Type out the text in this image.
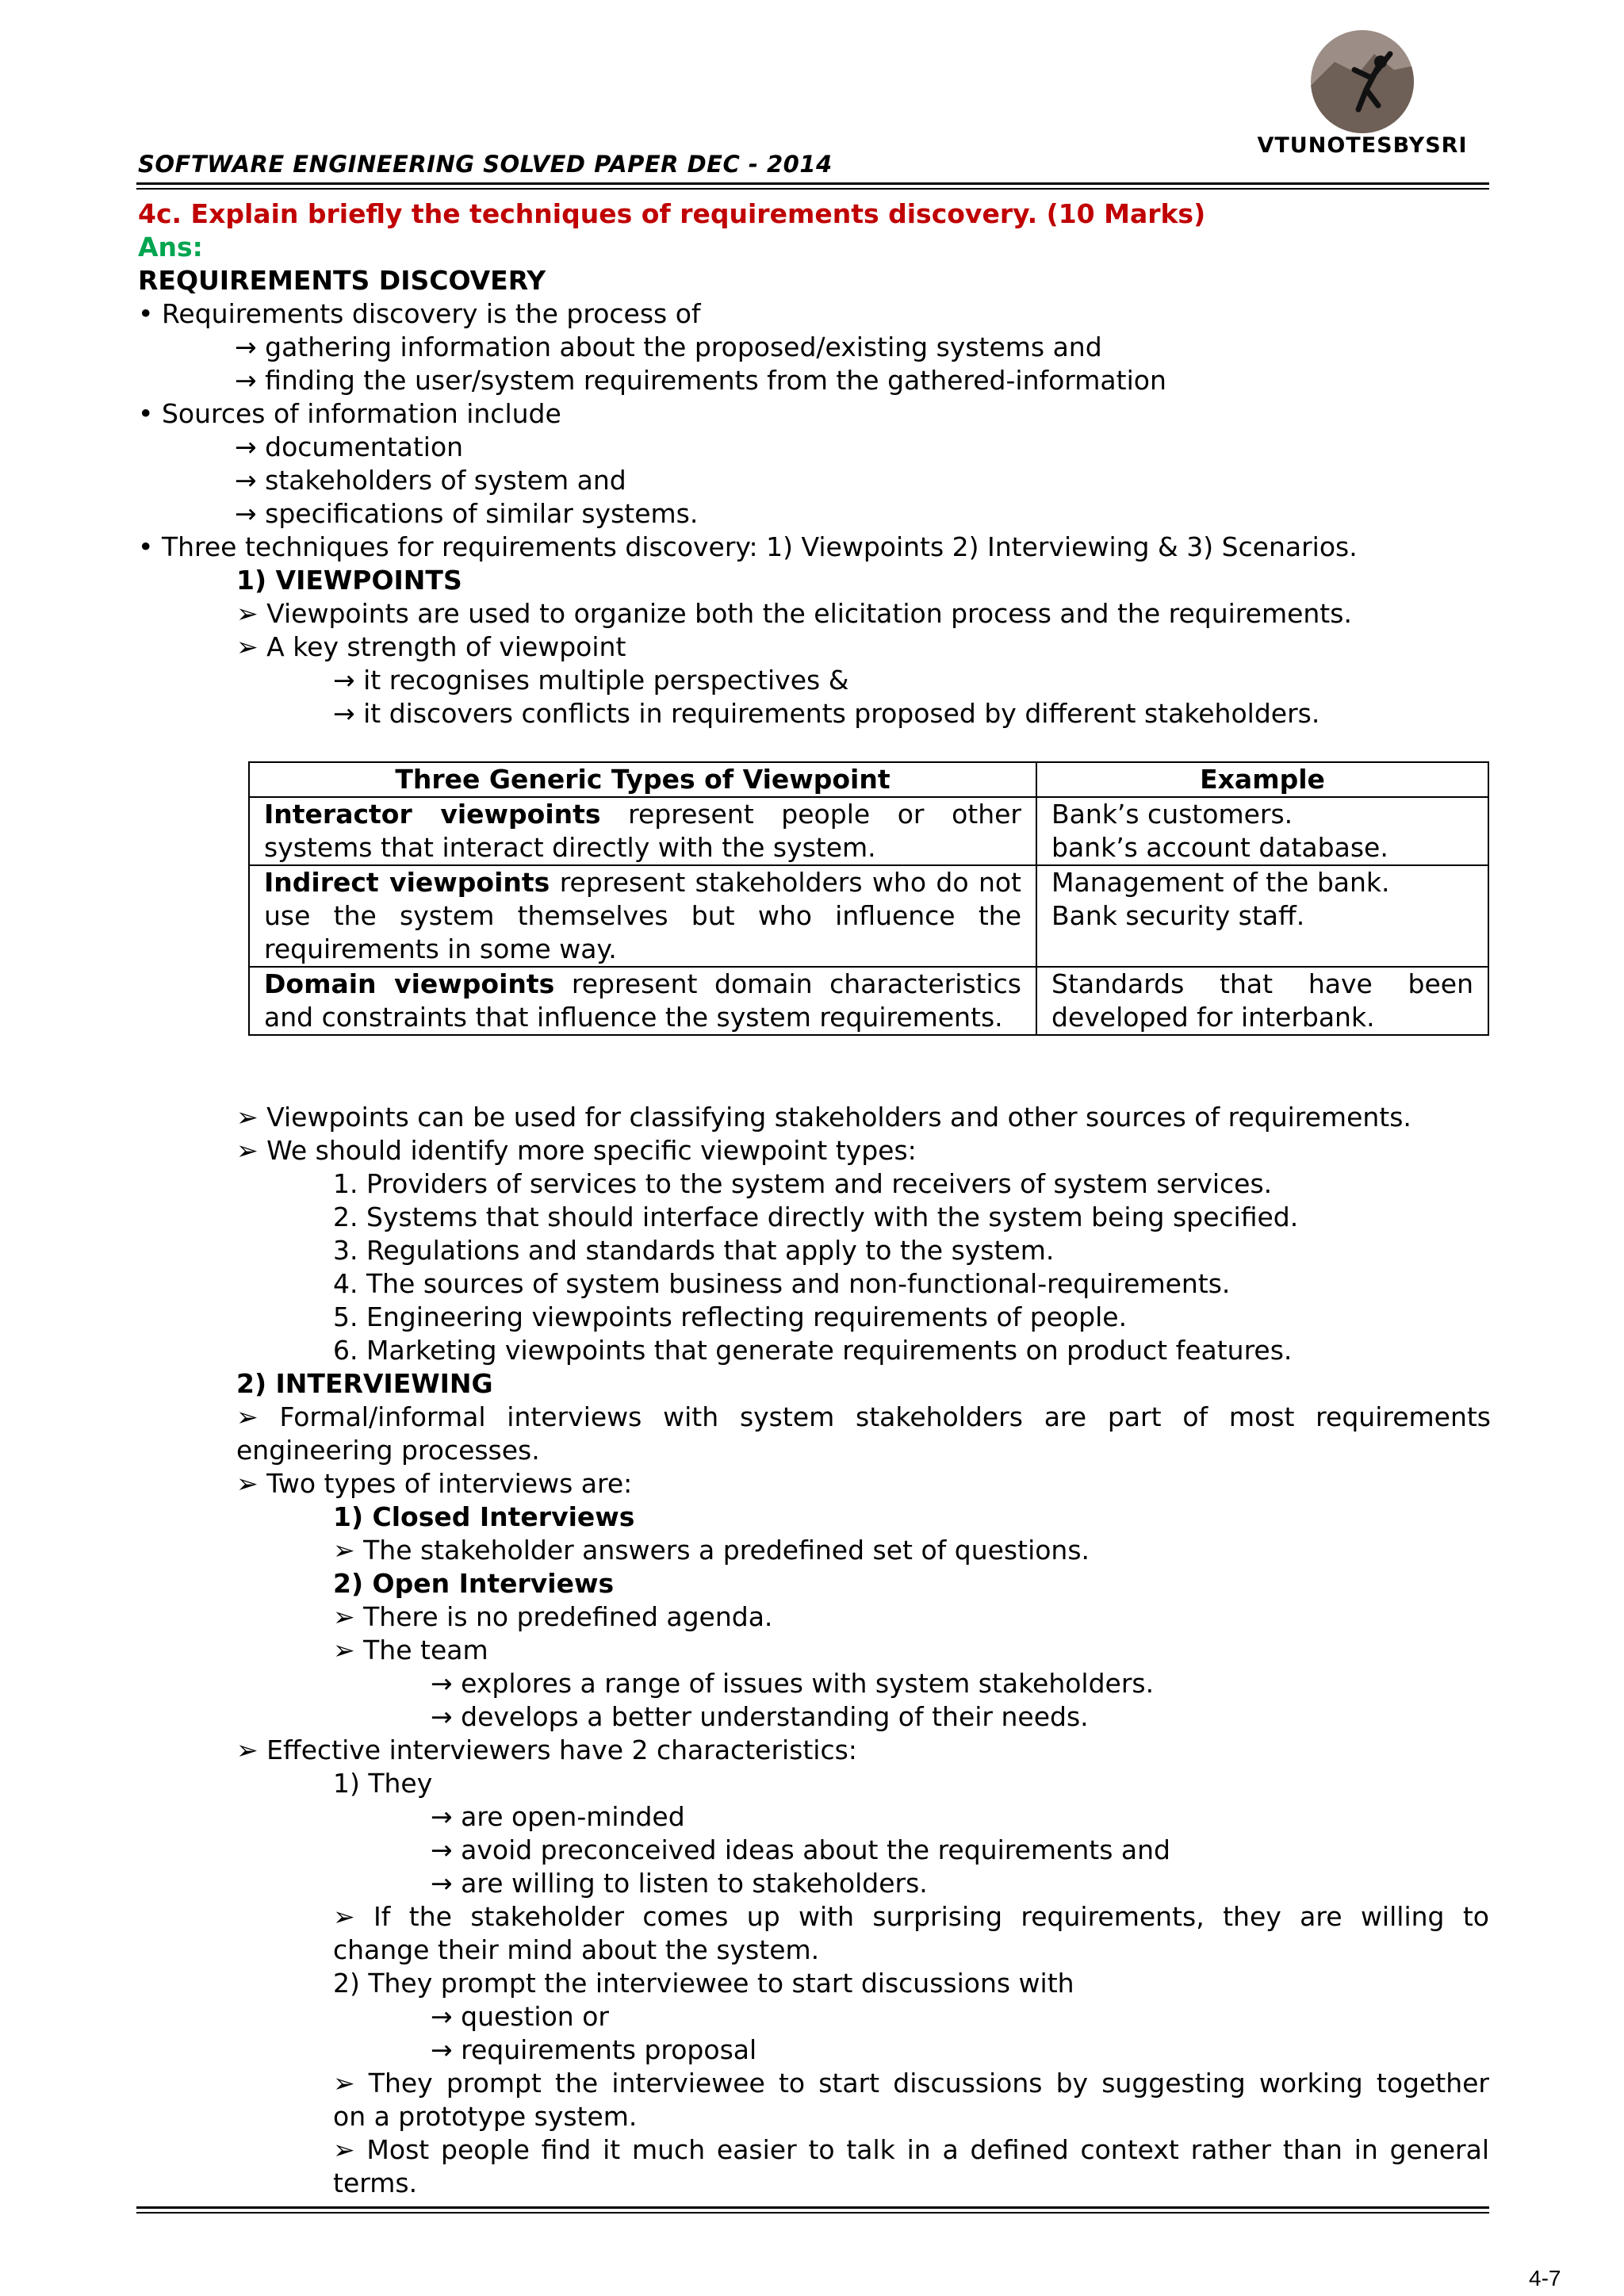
VTUNOTESBYSRI
SOFTWARE ENGINEERING SOLVED PAPER DEC - 2014
4c. Explain briefly the techniques of requirements discovery. (10 Marks)
Ans:
REQUIREMENTS DISCOVERY
• Requirements discovery is the process of
→ gathering information about the proposed/existing systems and
→ finding the user/system requirements from the gathered-information
• Sources of information include
→ documentation
→ stakeholders of system and
→ specifications of similar systems.
• Three techniques for requirements discovery: 1) Viewpoints 2) Interviewing & 3) Scenarios.
1) VIEWPOINTS
➢ Viewpoints are used to organize both the elicitation process and the requirements.
➢ A key strength of viewpoint
→ it recognises multiple perspectives &
→ it discovers conflicts in requirements proposed by different stakeholders.
Three Generic Types of Viewpoint	Example
Interactor viewpoints represent people or other systems that interact directly with the system.	Bank’s customers.
bank’s account database.

Indirect viewpoints represent stakeholders who do not use the system themselves but who influence the requirements in some way.	Management of the bank.
Bank security staff.

Domain viewpoints represent domain characteristics and constraints that influence the system requirements.	Standards that have been developed for interbank.
➢ Viewpoints can be used for classifying stakeholders and other sources of requirements.
➢ We should identify more specific viewpoint types:
1. Providers of services to the system and receivers of system services.
2. Systems that should interface directly with the system being specified.
3. Regulations and standards that apply to the system.
4. The sources of system business and non-functional-requirements.
5. Engineering viewpoints reflecting requirements of people.
6. Marketing viewpoints that generate requirements on product features.
2) INTERVIEWING
➢ Formal/informal interviews with system stakeholders are part of most requirements
engineering processes.
➢ Two types of interviews are:
1) Closed Interviews
➢ The stakeholder answers a predefined set of questions.
2) Open Interviews
➢ There is no predefined agenda.
➢ The team
→ explores a range of issues with system stakeholders.
→ develops a better understanding of their needs.
➢ Effective interviewers have 2 characteristics:
1) They
→ are open-minded
→ avoid preconceived ideas about the requirements and
→ are willing to listen to stakeholders.
➢ If the stakeholder comes up with surprising requirements, they are willing to
change their mind about the system.
2) They prompt the interviewee to start discussions with
→ question or
→ requirements proposal
➢ They prompt the interviewee to start discussions by suggesting working together
on a prototype system.
➢ Most people find it much easier to talk in a defined context rather than in general
terms.
4-7
